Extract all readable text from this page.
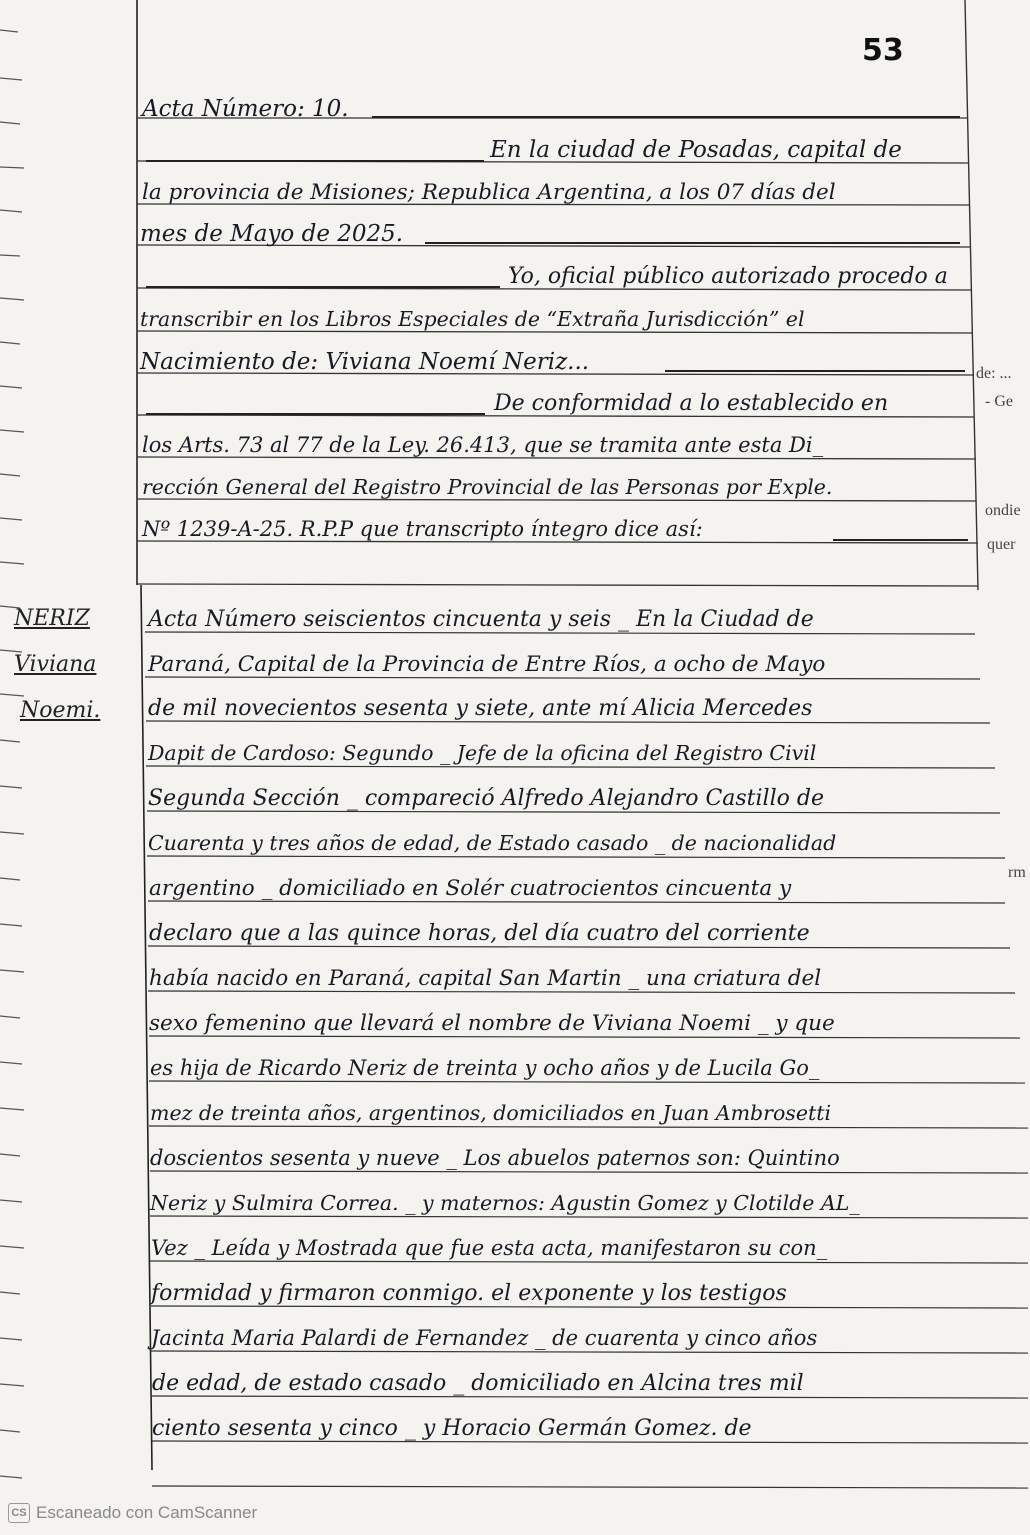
53
Acta Número: 10.
En la ciudad de Posadas, capital de
la provincia de Misiones; Republica Argentina, a los 07 días del
mes de Mayo de 2025.
Yo, oficial público autorizado procedo a
transcribir en los Libros Especiales de “Extraña Jurisdicción” el
Nacimiento de: Viviana Noemí Neriz...
De conformidad a lo establecido en
los Arts. 73 al 77 de la Ley. 26.413, que se tramita ante esta Di_
rección General del Registro Provincial de las Personas por Exple.
Nº 1239-A-25. R.P.P que transcripto íntegro dice así:
NERIZ
Viviana
Noemi.
Acta Número seiscientos cincuenta y seis _ En la Ciudad de
Paraná, Capital de la Provincia de Entre Ríos, a ocho de Mayo
de mil novecientos sesenta y siete, ante mí Alicia Mercedes
Dapit de Cardoso: Segundo _ Jefe de la oficina del Registro Civil
Segunda Sección _ compareció Alfredo Alejandro Castillo de
Cuarenta y tres años de edad, de Estado casado _ de nacionalidad
argentino _ domiciliado en Solér cuatrocientos cincuenta y
declaro que a las quince horas, del día cuatro del corriente
había nacido en Paraná, capital San Martin _ una criatura del
sexo femenino que llevará el nombre de Viviana Noemi _ y que
es hija de Ricardo Neriz de treinta y ocho años y de Lucila Go_
mez de treinta años, argentinos, domiciliados en Juan Ambrosetti
doscientos sesenta y nueve _ Los abuelos paternos son: Quintino
Neriz y Sulmira Correa. _ y maternos: Agustin Gomez y Clotilde AL_
Vez _ Leída y Mostrada que fue esta acta, manifestaron su con_
formidad y firmaron conmigo. el exponente y los testigos
Jacinta Maria Palardi de Fernandez _ de cuarenta y cinco años
de edad, de estado casado _ domiciliado en Alcina tres mil
ciento sesenta y cinco _ y Horacio Germán Gomez. de
de: ...
- Ge
ondie
quer
rm
CS Escaneado con CamScanner
